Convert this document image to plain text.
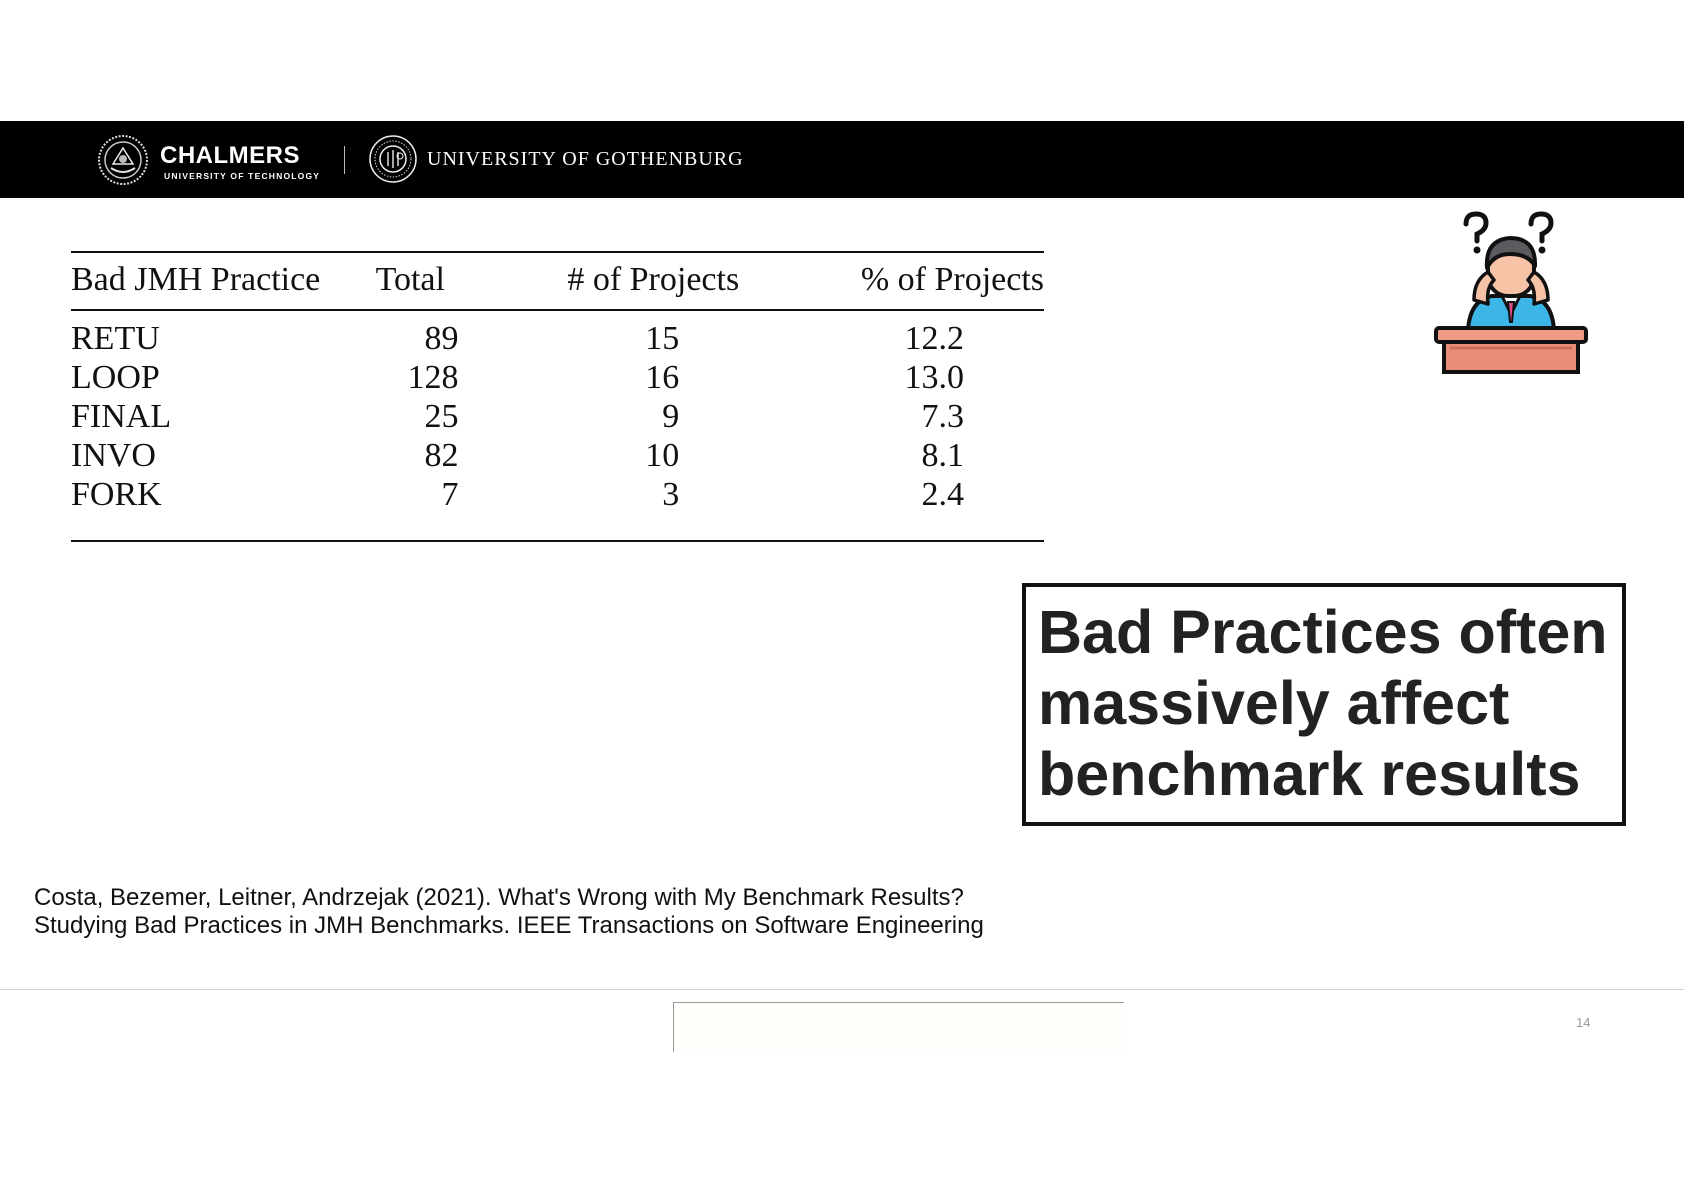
CHALMERS
UNIVERSITY OF TECHNOLOGY
UNIVERSITY OF GOTHENBURG
Bad JMH Practice	Total	# of Projects	% of Projects
RETU	89	15	12.2
LOOP	128	16	13.0
FINAL	25	9	7.3
INVO	82	10	8.1
FORK	7	3	2.4
Bad Practices often
massively affect
benchmark results
Costa, Bezemer, Leitner, Andrzejak (2021). What's Wrong with My Benchmark Results?
Studying Bad Practices in JMH Benchmarks. IEEE Transactions on Software Engineering
14
